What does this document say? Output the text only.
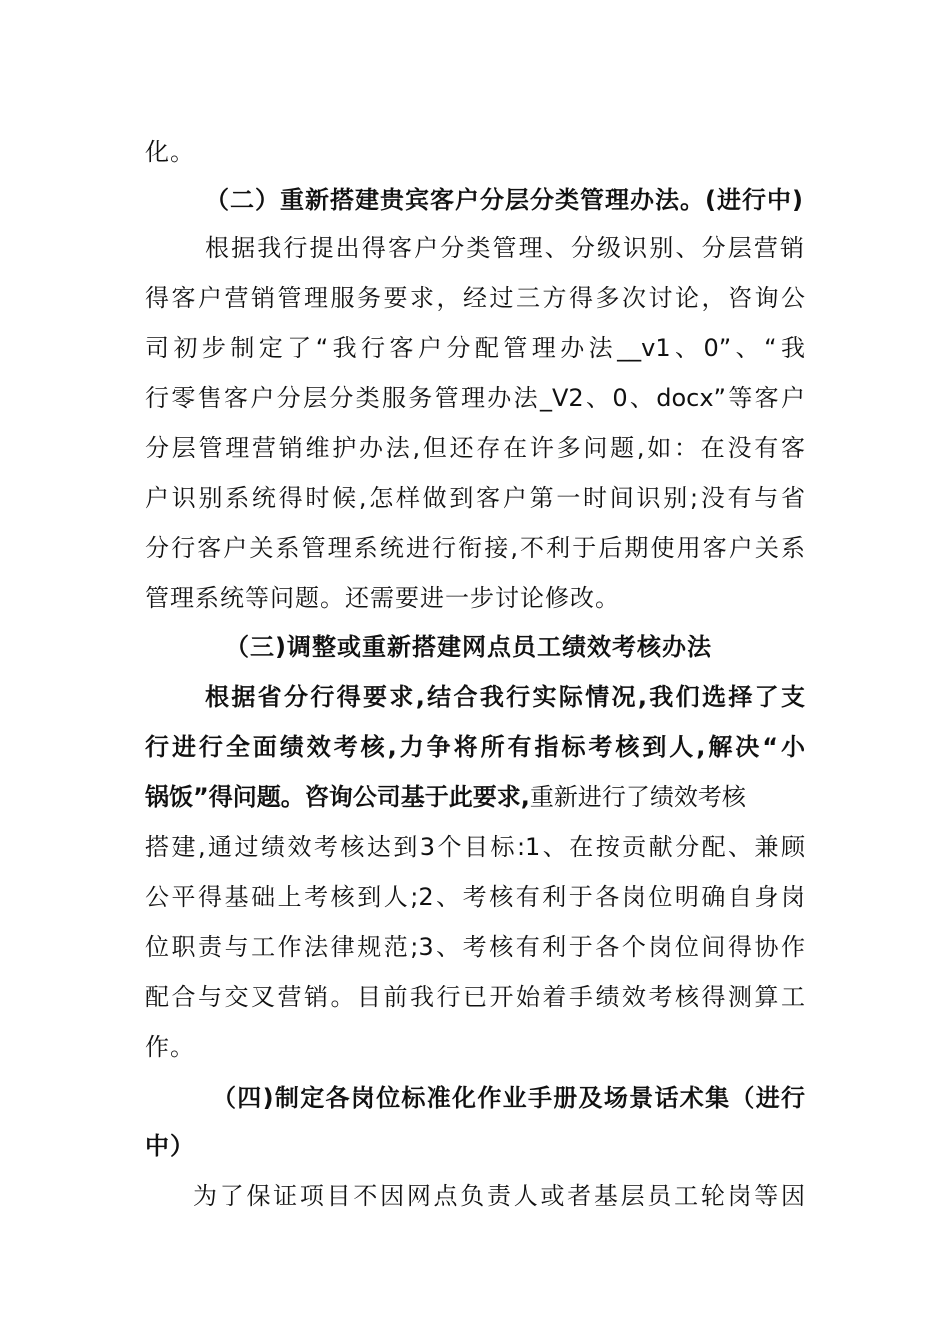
化。
（二）重新搭建贵宾客户分层分类管理办法。(进行中)
根据我行提出得客户分类管理、分级识别、分层营销
得客户营销管理服务要求，经过三方得多次讨论，咨询公
司初步制定了“我行客户分配管理办法__v1、0”、“我
行零售客户分层分类服务管理办法_V2、0、docx”等客户
分层管理营销维护办法,但还存在许多问题,如：在没有客
户识别系统得时候,怎样做到客户第一时间识别;没有与省
分行客户关系管理系统进行衔接,不利于后期使用客户关系
管理系统等问题。还需要进一步讨论修改。
（三)调整或重新搭建网点员工绩效考核办法
根据省分行得要求,结合我行实际情况,我们选择了支
行进行全面绩效考核,力争将所有指标考核到人,解决“小
锅饭”得问题。咨询公司基于此要求,重新进行了绩效考核
搭建,通过绩效考核达到3个目标:1、在按贡献分配、兼顾
公平得基础上考核到人;2、考核有利于各岗位明确自身岗
位职责与工作法律规范;3、考核有利于各个岗位间得协作
配合与交叉营销。目前我行已开始着手绩效考核得测算工
作。
（四)制定各岗位标准化作业手册及场景话术集（进行
中）
为了保证项目不因网点负责人或者基层员工轮岗等因
